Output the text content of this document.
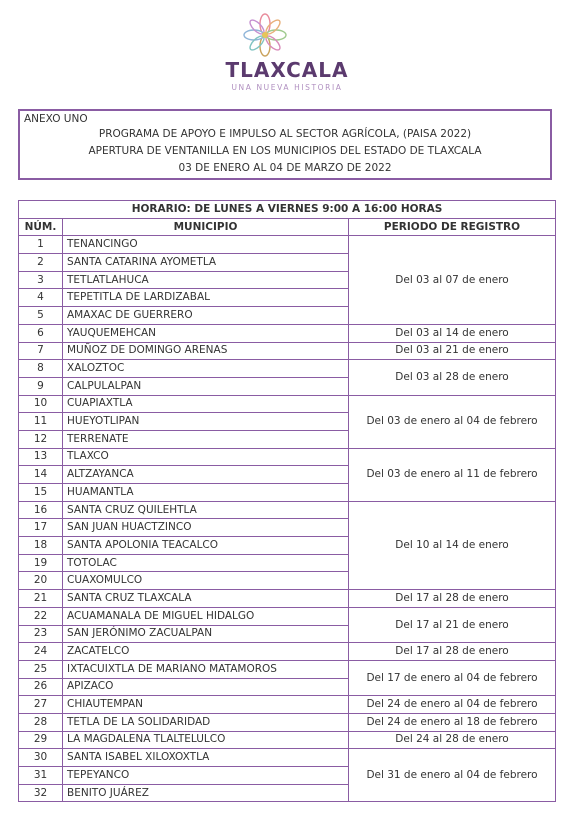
TLAXCALA
UNA NUEVA HISTORIA
ANEXO UNO
PROGRAMA DE APOYO E IMPULSO AL SECTOR AGRÍCOLA, (PAISA 2022)
APERTURA DE VENTANILLA EN LOS MUNICIPIOS DEL ESTADO DE TLAXCALA
03 DE ENERO AL 04 DE MARZO DE 2022
HORARIO: DE LUNES A VIERNES 9:00 A 16:00 HORAS		
NÚM.	MUNICIPIO	PERIODO DE REGISTRO
1	TENANCINGO	Del 03 al 07 de enero
2	SANTA CATARINA AYOMETLA	
3	TETLATLAHUCA	
4	TEPETITLA DE LARDIZABAL	
5	AMAXAC DE GUERRERO	
6	YAUQUEMEHCAN	Del 03 al 14 de enero
7	MUÑOZ DE DOMINGO ARENAS	Del 03 al 21 de enero
8	XALOZTOC	Del 03 al 28 de enero
9	CALPULALPAN	
10	CUAPIAXTLA	Del 03 de enero al 04 de febrero
11	HUEYOTLIPAN	
12	TERRENATE	
13	TLAXCO	Del 03 de enero al 11 de febrero
14	ALTZAYANCA	
15	HUAMANTLA	
16	SANTA CRUZ QUILEHTLA	Del 10 al 14 de enero
17	SAN JUAN HUACTZINCO	
18	SANTA APOLONIA TEACALCO	
19	TOTOLAC	
20	CUAXOMULCO	
21	SANTA CRUZ TLAXCALA	Del 17 al 28 de enero
22	ACUAMANALA DE MIGUEL HIDALGO	Del 17 al 21 de enero
23	SAN JERÓNIMO ZACUALPAN	
24	ZACATELCO	Del 17 al 28 de enero
25	IXTACUIXTLA DE MARIANO MATAMOROS	Del 17 de enero al 04 de febrero
26	APIZACO	
27	CHIAUTEMPAN	Del 24 de enero al 04 de febrero
28	TETLA DE LA SOLIDARIDAD	Del 24 de enero al 18 de febrero
29	LA MAGDALENA TLALTELULCO	Del 24 al 28 de enero
30	SANTA ISABEL XILOXOXTLA	Del 31 de enero al 04 de febrero
31	TEPEYANCO	
32	BENITO JUÁREZ	
